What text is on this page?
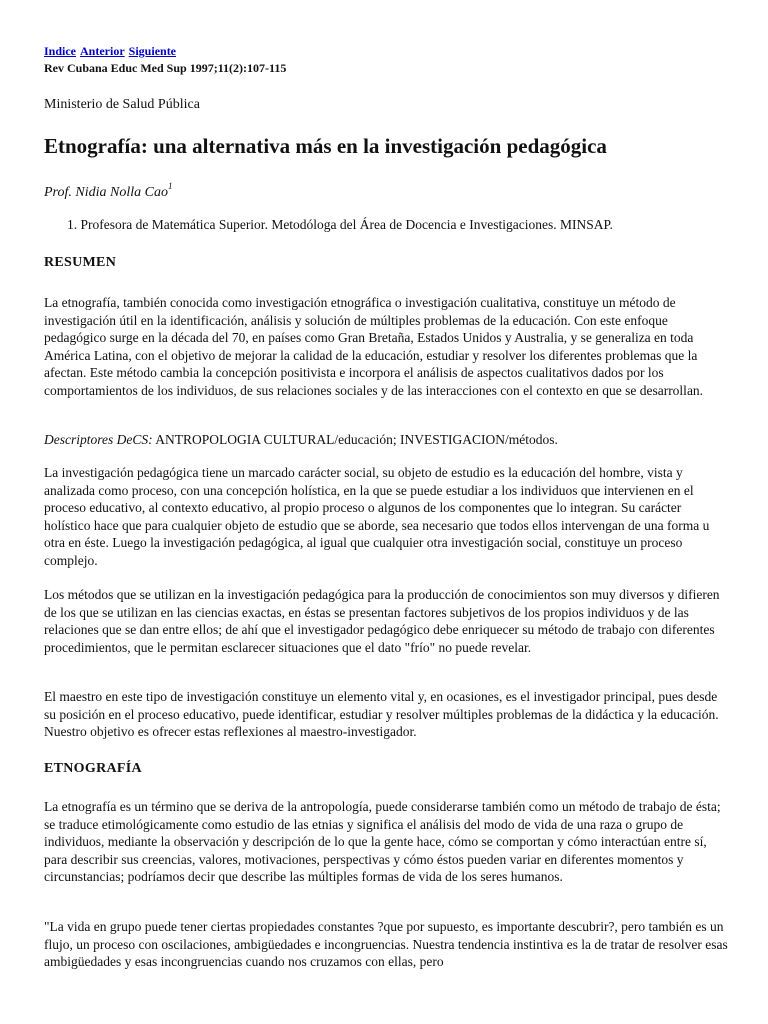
Indice Anterior Siguiente
Rev Cubana Educ Med Sup 1997;11(2):107-115
Ministerio de Salud Pública
Etnografía: una alternativa más en la investigación pedagógica
Prof. Nidia Nolla Cao$^1$
1. Profesora de Matemática Superior. Metodóloga del Área de Docencia e Investigaciones. MINSAP.
RESUMEN

La etnografía, también conocida como investigación etnográfica o investigación cualitativa, constituye un método de investigación útil en la identificación, análisis y solución de múltiples problemas de la educación. Con este enfoque pedagógico surge en la década del 70, en países como Gran Bretaña, Estados Unidos y Australia, y se generaliza en toda América Latina, con el objetivo de mejorar la calidad de la educación, estudiar y resolver los diferentes problemas que la afectan. Este método cambia la concepción positivista e incorpora el análisis de aspectos cualitativos dados por los comportamientos de los individuos, de sus relaciones sociales y de las interacciones con el contexto en que se desarrollan.

Descriptores DeCS: ANTROPOLOGIA CULTURAL/educación; INVESTIGACION/métodos.

La investigación pedagógica tiene un marcado carácter social, su objeto de estudio es la educación del hombre, vista y analizada como proceso, con una concepción holística, en la que se puede estudiar a los individuos que intervienen en el proceso educativo, al contexto educativo, al propio proceso o algunos de los componentes que lo integran. Su carácter holístico hace que para cualquier objeto de estudio que se aborde, sea necesario que todos ellos intervengan de una forma u otra en éste. Luego la investigación pedagógica, al igual que cualquier otra investigación social, constituye un proceso complejo.

Los métodos que se utilizan en la investigación pedagógica para la producción de conocimientos son muy diversos y difieren de los que se utilizan en las ciencias exactas, en éstas se presentan factores subjetivos de los propios individuos y de las relaciones que se dan entre ellos; de ahí que el investigador pedagógico debe enriquecer su método de trabajo con diferentes procedimientos, que le permitan esclarecer situaciones que el dato "frío" no puede revelar.

El maestro en este tipo de investigación constituye un elemento vital y, en ocasiones, es el investigador principal, pues desde su posición en el proceso educativo, puede identificar, estudiar y resolver múltiples problemas de la didáctica y la educación. Nuestro objetivo es ofrecer estas reflexiones al maestro-investigador.

ETNOGRAFÍA

La etnografía es un término que se deriva de la antropología, puede considerarse también como un método de trabajo de ésta; se traduce etimológicamente como estudio de las etnias y significa el análisis del modo de vida de una raza o grupo de individuos, mediante la observación y descripción de lo que la gente hace, cómo se comportan y cómo interactúan entre sí, para describir sus creencias, valores, motivaciones, perspectivas y cómo éstos pueden variar en diferentes momentos y circunstancias; podríamos decir que describe las múltiples formas de vida de los seres humanos.

"La vida en grupo puede tener ciertas propiedades constantes ?que por supuesto, es importante descubrir?, pero también es un flujo, un proceso con oscilaciones, ambigüedades e incongruencias. Nuestra tendencia instintiva es la de tratar de resolver esas ambigüedades y esas incongruencias cuando nos cruzamos con ellas, pero
